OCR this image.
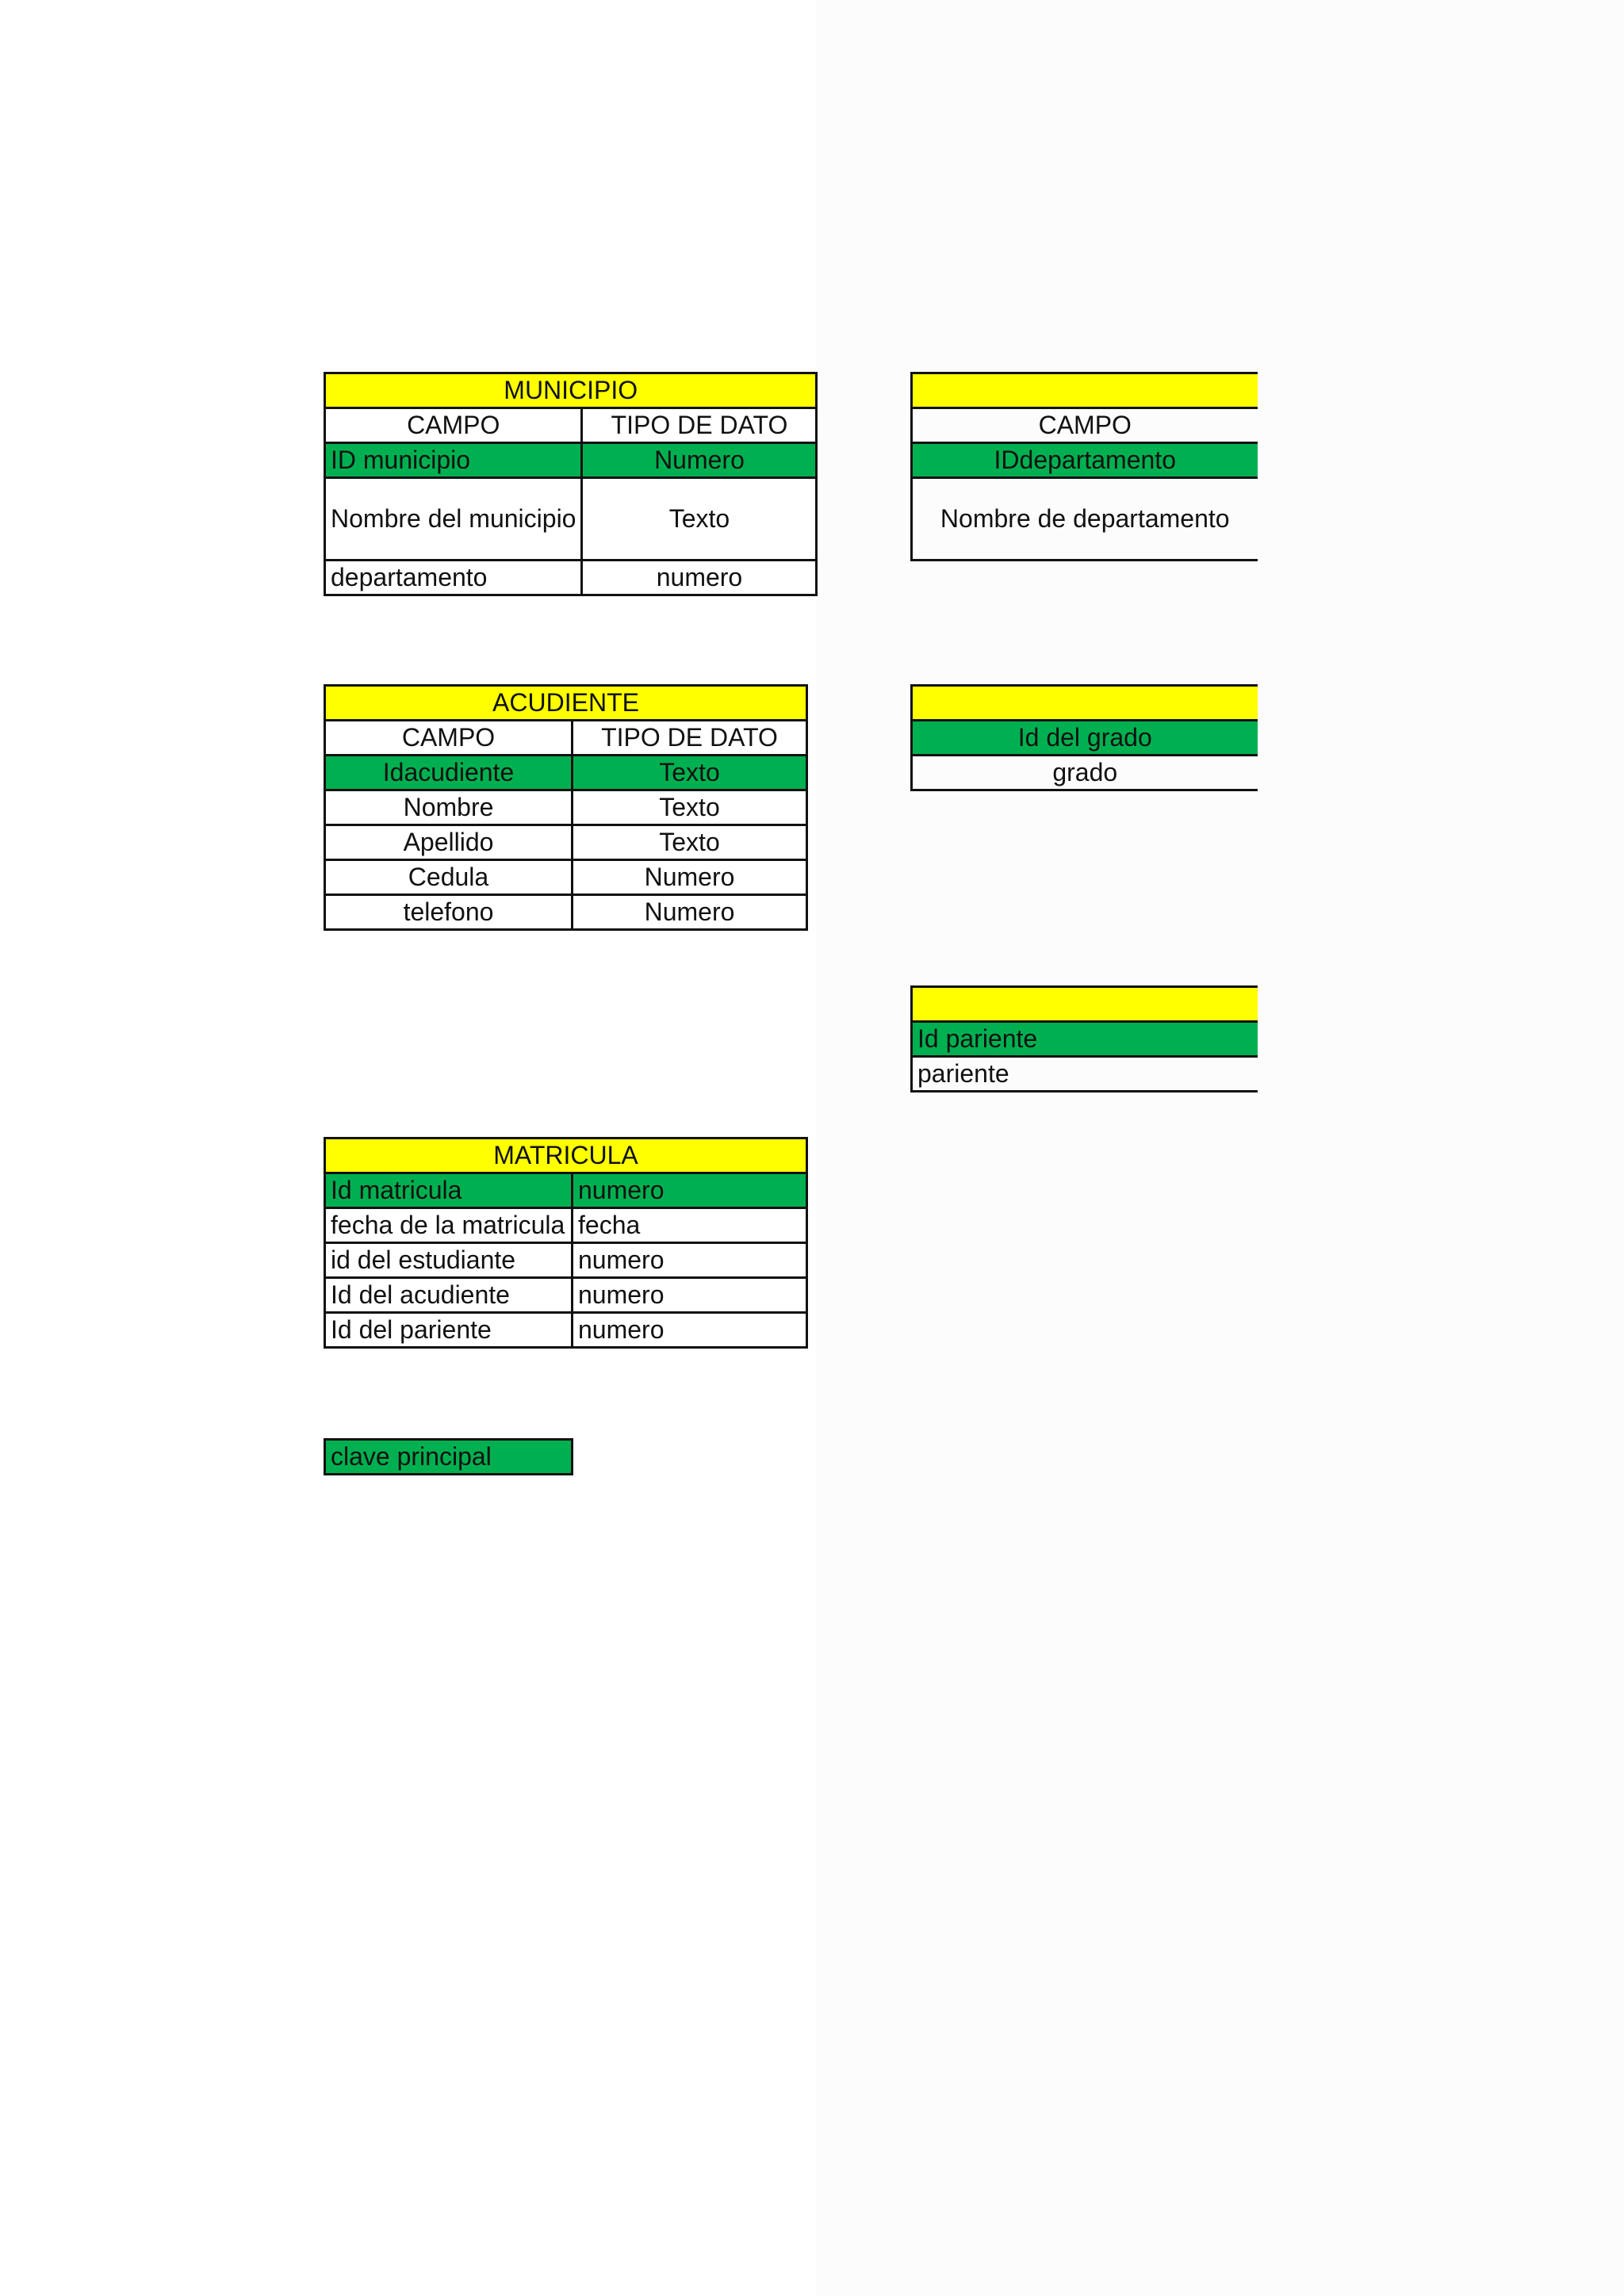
MUNICIPIO	
CAMPO	TIPO DE DATO
ID municipio	Numero
Nombre del municipio	Texto
departamento	numero

CAMPO
IDdepartamento
Nombre de departamento
ACUDIENTE	
CAMPO	TIPO DE DATO
Idacudiente	Texto
Nombre	Texto
Apellido	Texto
Cedula	Numero
telefono	Numero

Id del grado
grado

Id pariente
pariente
MATRICULA	
Id matricula	numero
fecha de la matricula	fecha
id del estudiante	numero
Id del acudiente	numero
Id del pariente	numero
clave principal
